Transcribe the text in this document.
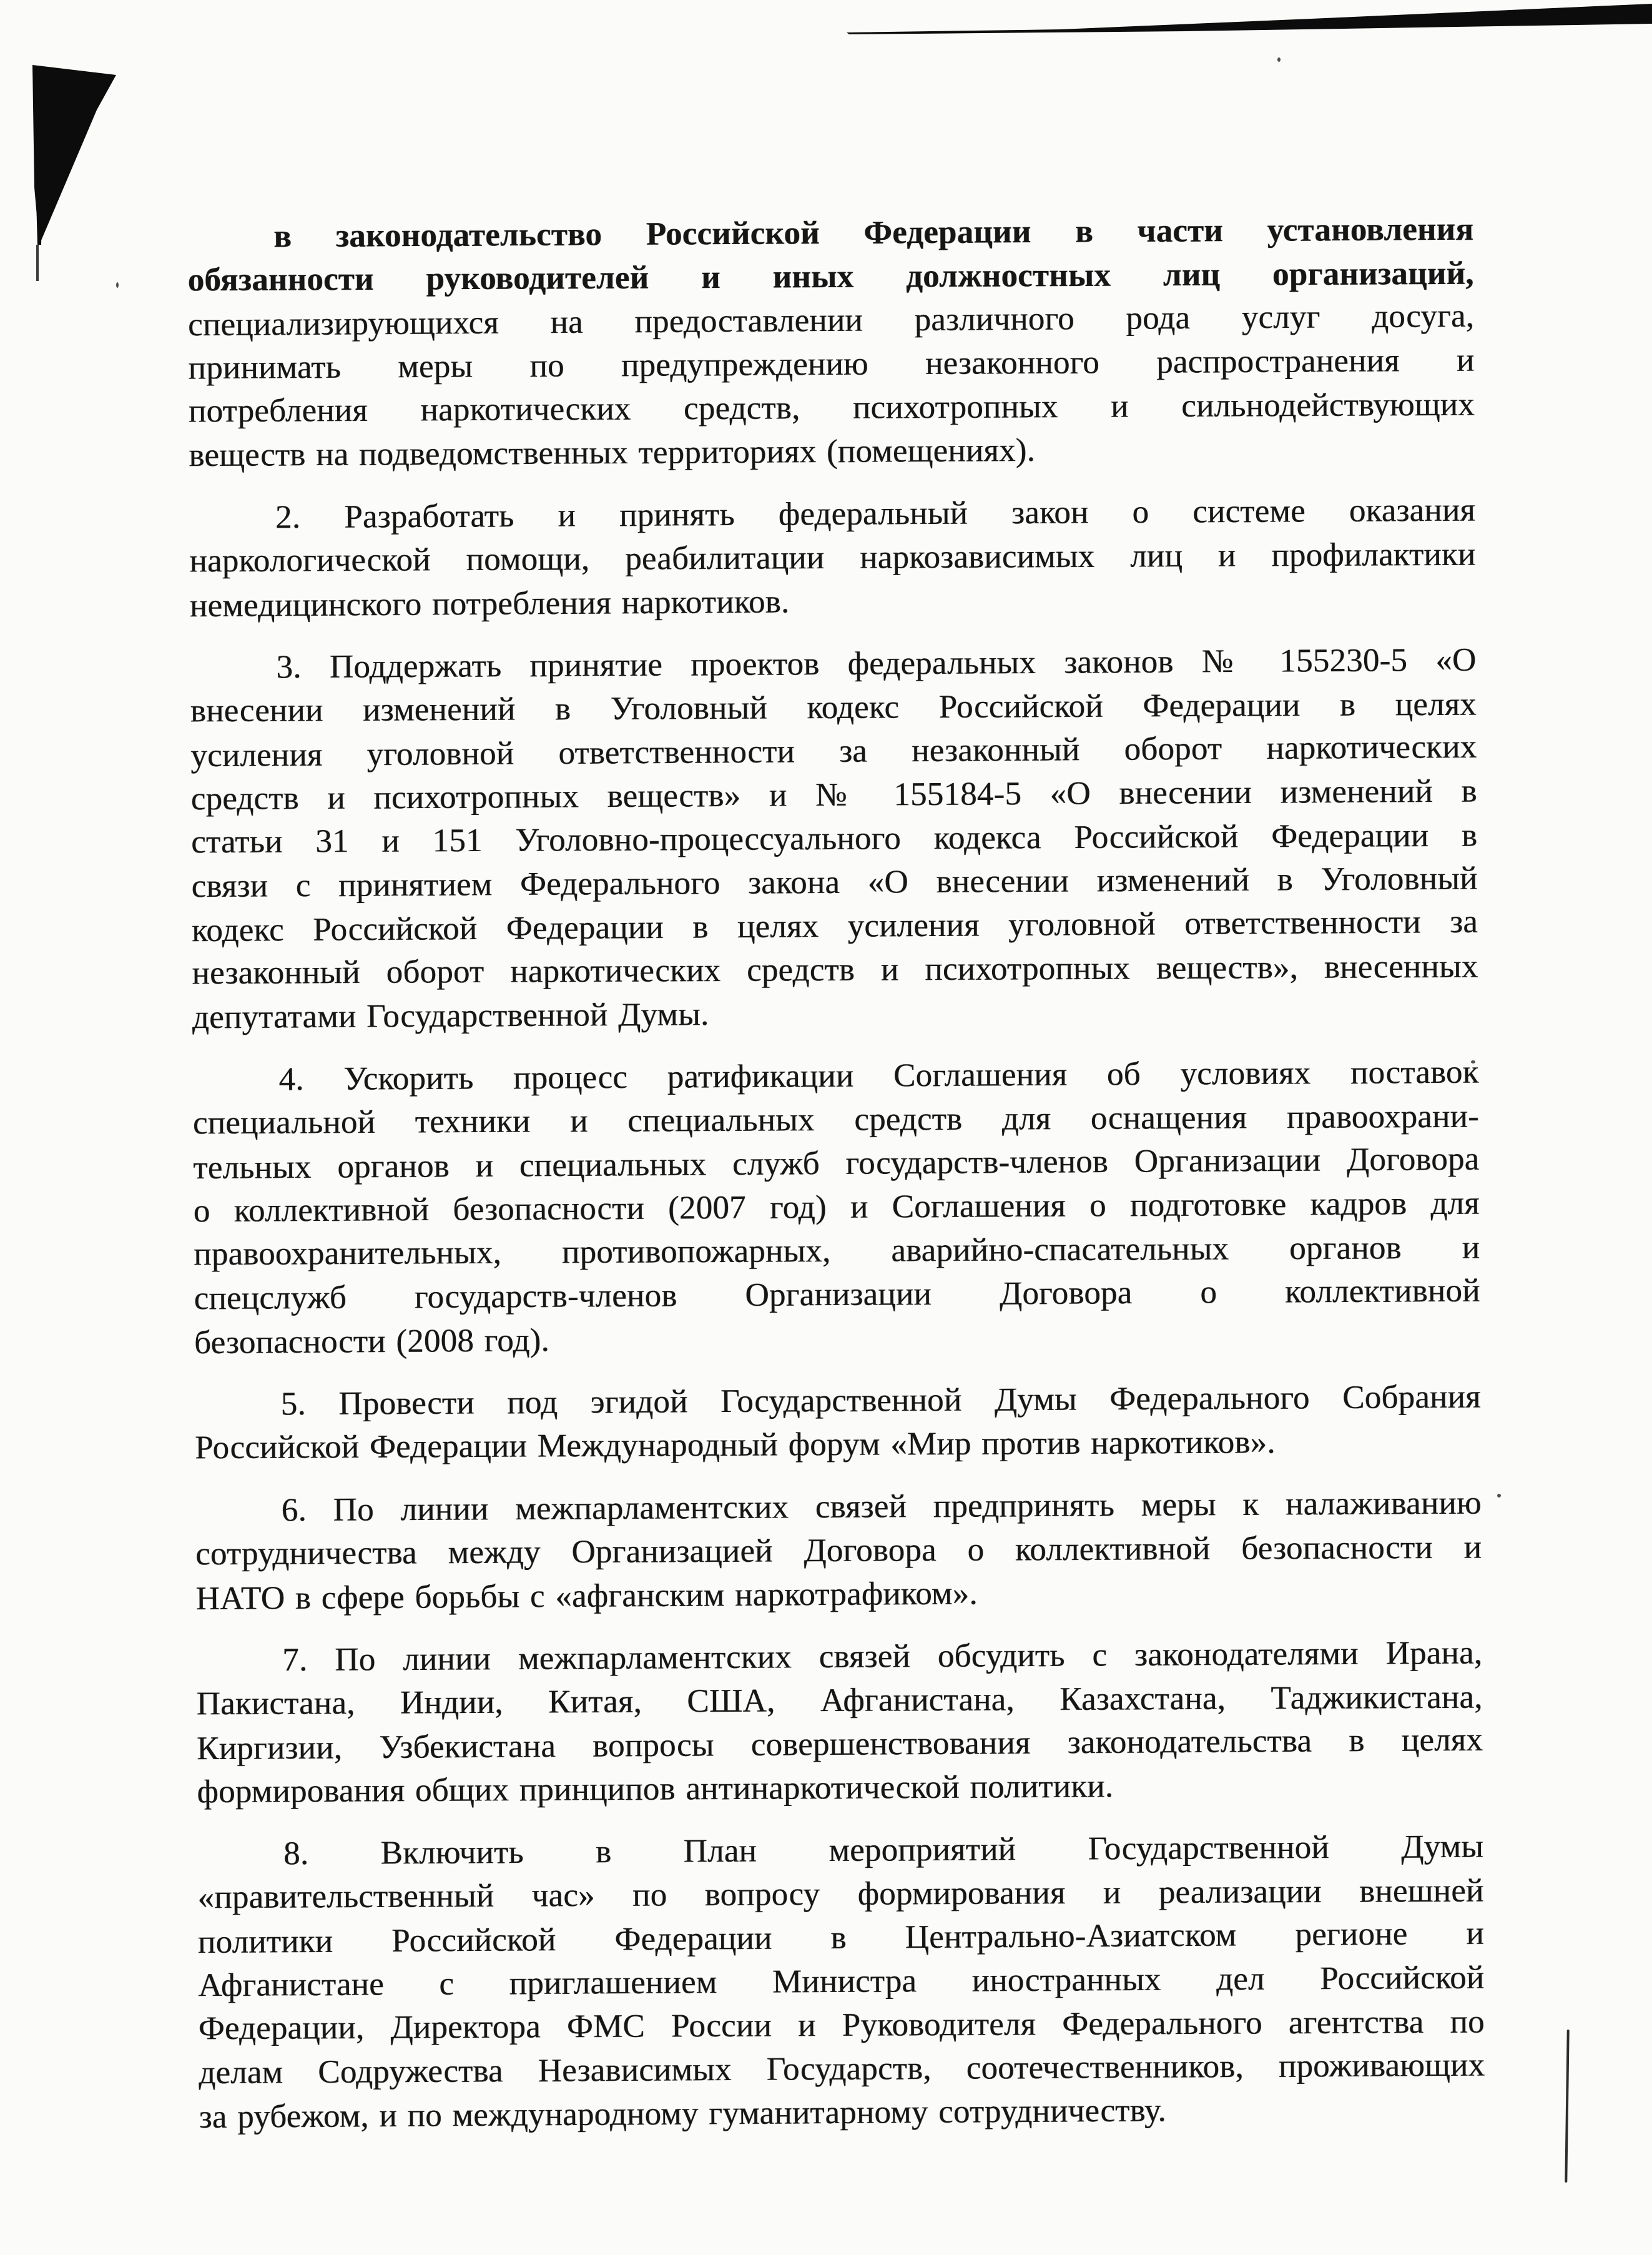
в законодательство Российской Федерации в части установления
обязанности руководителей и иных должностных лиц организаций,
специализирующихся на предоставлении различного рода услуг досуга,
принимать меры по предупреждению незаконного распространения и
потребления наркотических средств, психотропных и сильнодействующих
веществ на подведомственных территориях (помещениях).
2. Разработать и принять федеральный закон о системе оказания
наркологической помощи, реабилитации наркозависимых лиц и профилактики
немедицинского потребления наркотиков.
3. Поддержать принятие проектов федеральных законов № 155230-5 «О
внесении изменений в Уголовный кодекс Российской Федерации в целях
усиления уголовной ответственности за незаконный оборот наркотических
средств и психотропных веществ» и № 155184-5 «О внесении изменений в
статьи 31 и 151 Уголовно-процессуального кодекса Российской Федерации в
связи с принятием Федерального закона «О внесении изменений в Уголовный
кодекс Российской Федерации в целях усиления уголовной ответственности за
незаконный оборот наркотических средств и психотропных веществ», внесенных
депутатами Государственной Думы.
4. Ускорить процесс ратификации Соглашения об условиях поставок
специальной техники и специальных средств для оснащения правоохрани-
тельных органов и специальных служб государств-членов Организации Договора
о коллективной безопасности (2007 год) и Соглашения о подготовке кадров для
правоохранительных, противопожарных, аварийно-спасательных органов и
спецслужб государств-членов Организации Договора о коллективной
безопасности (2008 год).
5. Провести под эгидой Государственной Думы Федерального Собрания
Российской Федерации Международный форум «Мир против наркотиков».
6. По линии межпарламентских связей предпринять меры к налаживанию
сотрудничества между Организацией Договора о коллективной безопасности и
НАТО в сфере борьбы с «афганским наркотрафиком».
7. По линии межпарламентских связей обсудить с законодателями Ирана,
Пакистана, Индии, Китая, США, Афганистана, Казахстана, Таджикистана,
Киргизии, Узбекистана вопросы совершенствования законодательства в целях
формирования общих принципов антинаркотической политики.
8. Включить в План мероприятий Государственной Думы
«правительственный час» по вопросу формирования и реализации внешней
политики Российской Федерации в Центрально-Азиатском регионе и
Афганистане с приглашением Министра иностранных дел Российской
Федерации, Директора ФМС России и Руководителя Федерального агентства по
делам Содружества Независимых Государств, соотечественников, проживающих
за рубежом, и по международному гуманитарному сотрудничеству.
